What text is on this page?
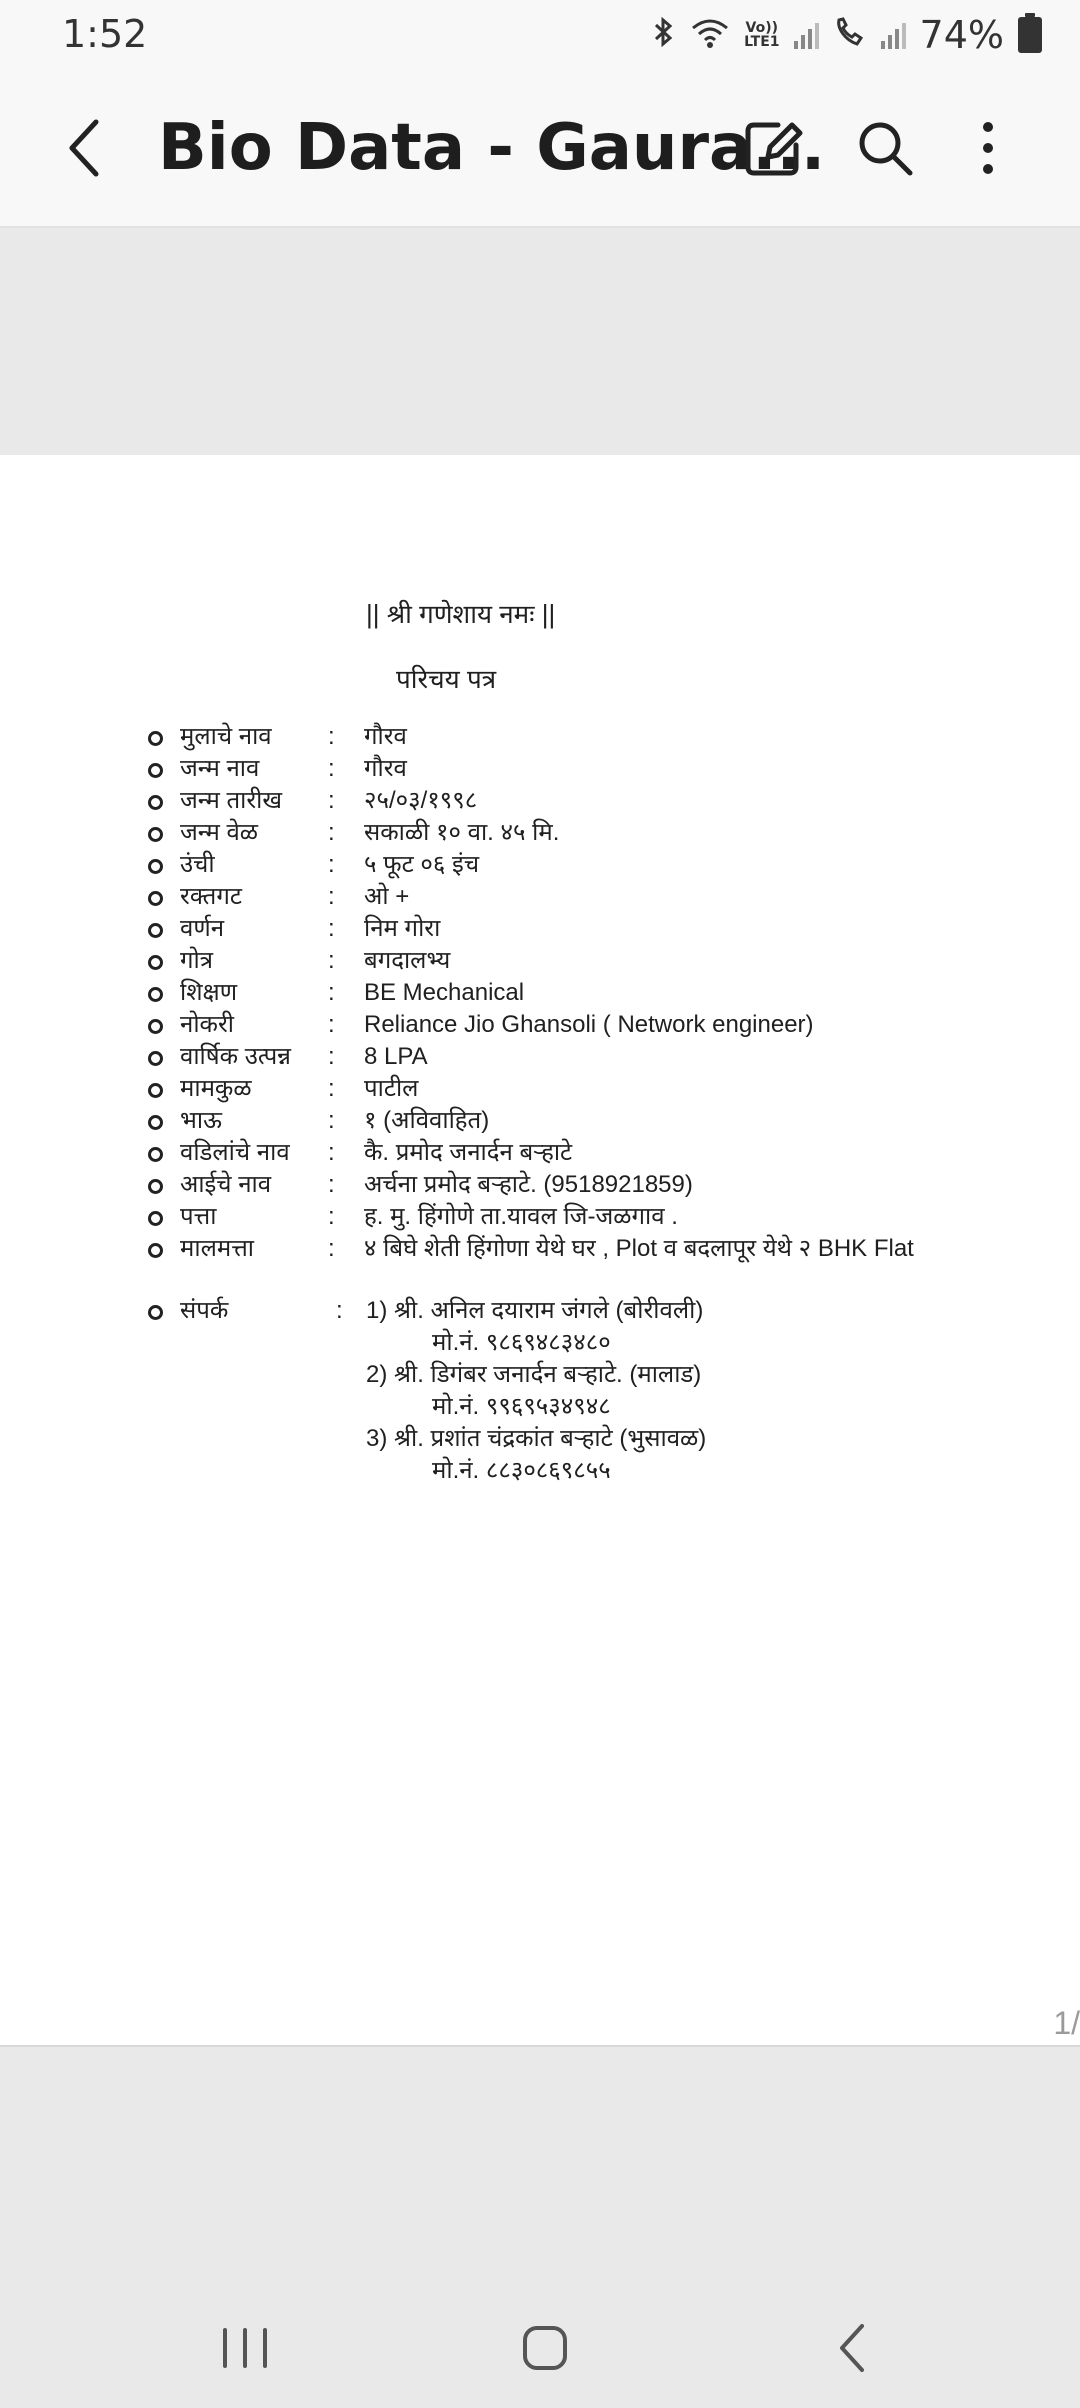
1:52	Vo))
LTE1	74%
Bio Data - Gaura...
|| श्री गणेशाय नमः ||
परिचय पत्र
मुलाचे नाव : गौरव
जन्म नाव	: गौरव
जन्म तारीख : २५/०३/१९९८
जन्म वेळ	: सकाळी १० वा. ४५ मि.
उंची	: ५ फूट ०६ इंच
रक्तगट	: ओ +
वर्णन	: निम गोरा
गोत्र	: बगदालभ्य
शिक्षण	: BE Mechanical
नोकरी	: Reliance Jio Ghansoli ( Network engineer)
वार्षिक उत्पन्न : 8 LPA
मामकुळ	: पाटील
भाऊ	: १ (अविवाहित)
वडिलांचे नाव : कै. प्रमोद जनार्दन बऱ्हाटे
आईचे नाव : अर्चना प्रमोद बऱ्हाटे. (9518921859)
पत्ता	: ह. मु. हिंगोणे ता.यावल जि-जळगाव .
मालमत्ता	: ४ बिघे शेती हिंगोणा येथे घर , Plot व बदलापूर येथे २ BHK Flat
संपर्क	: 1) श्री. अनिल दयाराम जंगले (बोरीवली)
मो.नं. ९८६९४८३४८०
2) श्री. डिगंबर जनार्दन बऱ्हाटे. (मालाड)
मो.नं. ९९६९५३४९४८
3) श्री. प्रशांत चंद्रकांत बऱ्हाटे (भुसावळ)
मो.नं. ८८३०८६९८५५
1/
